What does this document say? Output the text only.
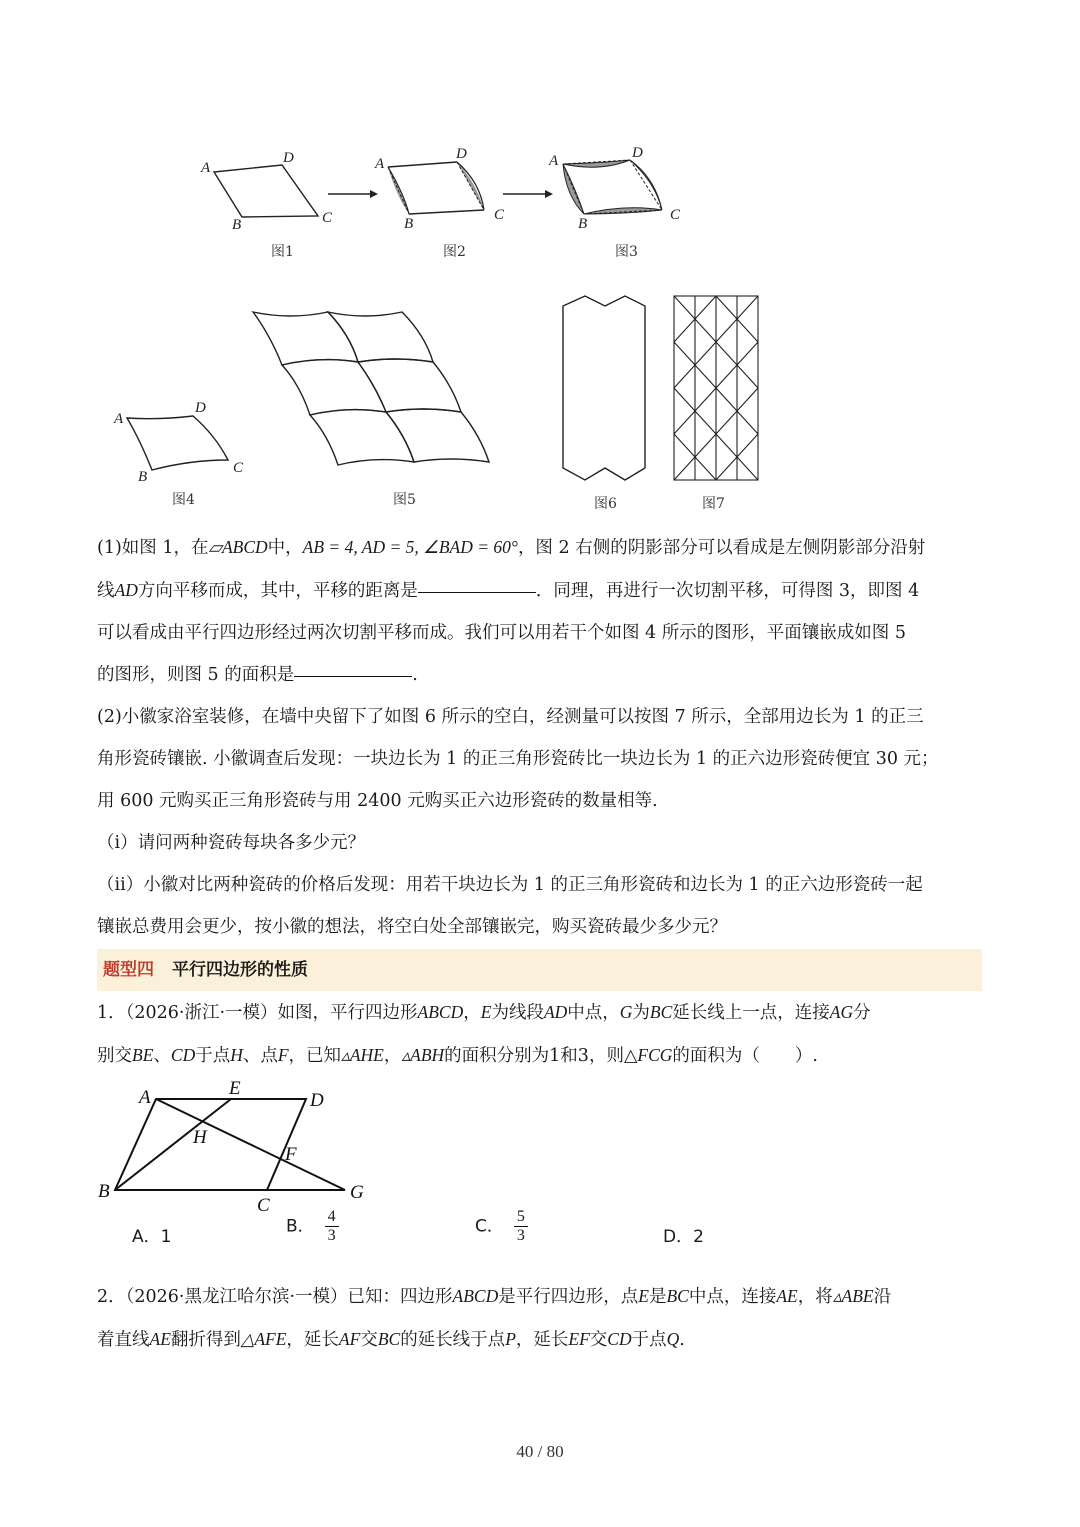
A
D
B	C
图1
A
D
B
C
图2
A	D
B
C
图3
A
D
B
C
图4	图5	图6	图7
A	E
D
H
F
B
C
G
(1)如图 1，在▱ABCD中，AB = 4, AD = 5, ∠BAD = 60°，图 2 右侧的阴影部分可以看成是左侧阴影部分沿射
线AD方向平移而成，其中，平移的距离是	．同理，再进行一次切割平移，可得图 3，即图 4
可以看成由平行四边形经过两次切割平移而成。我们可以用若干个如图 4 所示的图形，平面镶嵌成如图 5
的图形，则图 5 的面积是	.
(2)小徽家浴室装修，在墙中央留下了如图 6 所示的空白，经测量可以按图 7 所示，全部用边长为 1 的正三
角形瓷砖镶嵌. 小徽调查后发现：一块边长为 1 的正三角形瓷砖比一块边长为 1 的正六边形瓷砖便宜 30 元；
用 600 元购买正三角形瓷砖与用 2400 元购买正六边形瓷砖的数量相等.
（i）请问两种瓷砖每块各多少元？
（ii）小徽对比两种瓷砖的价格后发现：用若干块边长为 1 的正三角形瓷砖和边长为 1 的正六边形瓷砖一起
镶嵌总费用会更少，按小徽的想法，将空白处全部镶嵌完，购买瓷砖最少多少元？
题型四 平行四边形的性质
1．（2026·浙江·一模）如图，平行四边形ABCD，E为线段AD中点，G为BC延长线上一点，连接AG分
别交BE、CD于点H、点F，已知▵AHE，▵ABH的面积分别为1和3，则△FCG的面积为（　　）.
A．1
B． $\frac{4}{3}$	C． $\frac{5}{3}$	D．2
2．（2026·黑龙江哈尔滨·一模）已知：四边形ABCD是平行四边形，点E是BC中点，连接AE，将▵ABE沿
着直线AE翻折得到△AFE，延长AF交BC的延长线于点P，延长EF交CD于点Q.
40 / 80
